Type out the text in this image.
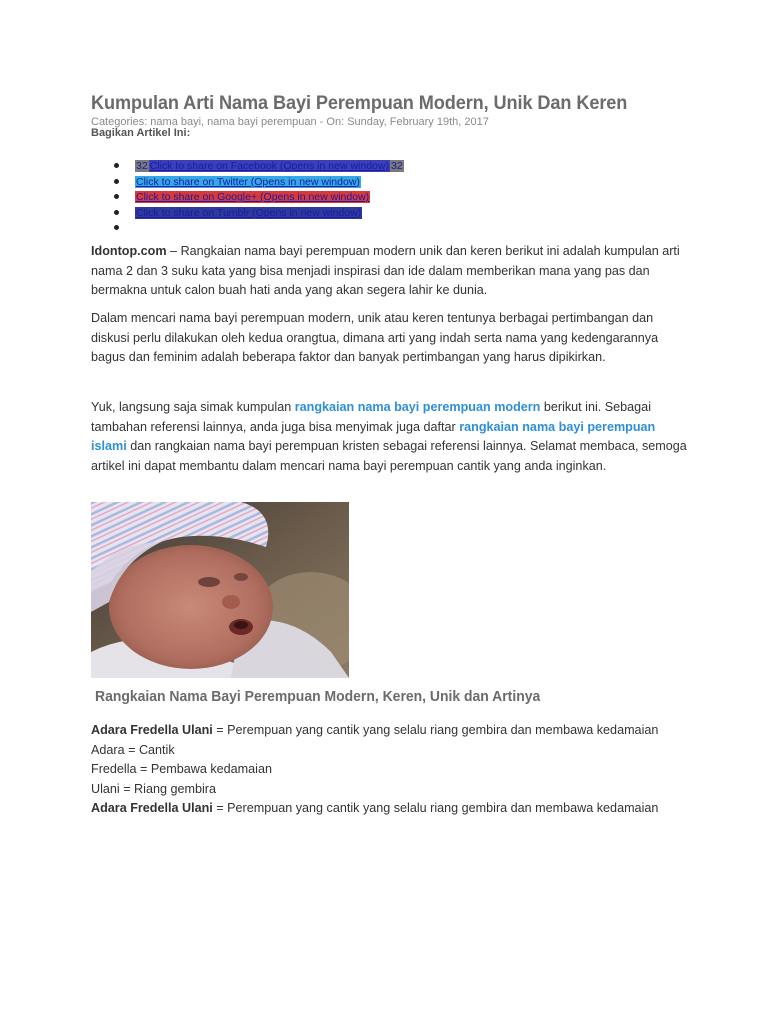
Kumpulan Arti Nama Bayi Perempuan Modern, Unik Dan Keren
Categories: nama bayi, nama bayi perempuan - On: Sunday, February 19th, 2017
Bagikan Artikel Ini:
32 Click to share on Facebook (Opens in new window) 32
Click to share on Twitter (Opens in new window)
Click to share on Google+ (Opens in new window)
Click to share on Tumblr (Opens in new window)

Idontop.com – Rangkaian nama bayi perempuan modern unik dan keren berikut ini adalah kumpulan arti nama 2 dan 3 suku kata yang bisa menjadi inspirasi dan ide dalam memberikan mana yang pas dan bermakna untuk calon buah hati anda yang akan segera lahir ke dunia.

Dalam mencari nama bayi perempuan modern, unik atau keren tentunya berbagai pertimbangan dan diskusi perlu dilakukan oleh kedua orangtua, dimana arti yang indah serta nama yang kedengarannya bagus dan feminim adalah beberapa faktor dan banyak pertimbangan yang harus dipikirkan.

Yuk, langsung saja simak kumpulan rangkaian nama bayi perempuan modern berikut ini. Sebagai tambahan referensi lainnya, anda juga bisa menyimak juga daftar rangkaian nama bayi perempuan islami dan rangkaian nama bayi perempuan kristen sebagai referensi lainnya. Selamat membaca, semoga artikel ini dapat membantu dalam mencari nama bayi perempuan cantik yang anda inginkan.

Rangkaian Nama Bayi Perempuan Modern, Keren, Unik dan Artinya
Adara Fredella Ulani = Perempuan yang cantik yang selalu riang gembira dan membawa kedamaian
Adara = Cantik
Fredella = Pembawa kedamaian
Ulani = Riang gembira
Adara Fredella Ulani = Perempuan yang cantik yang selalu riang gembira dan membawa kedamaian
